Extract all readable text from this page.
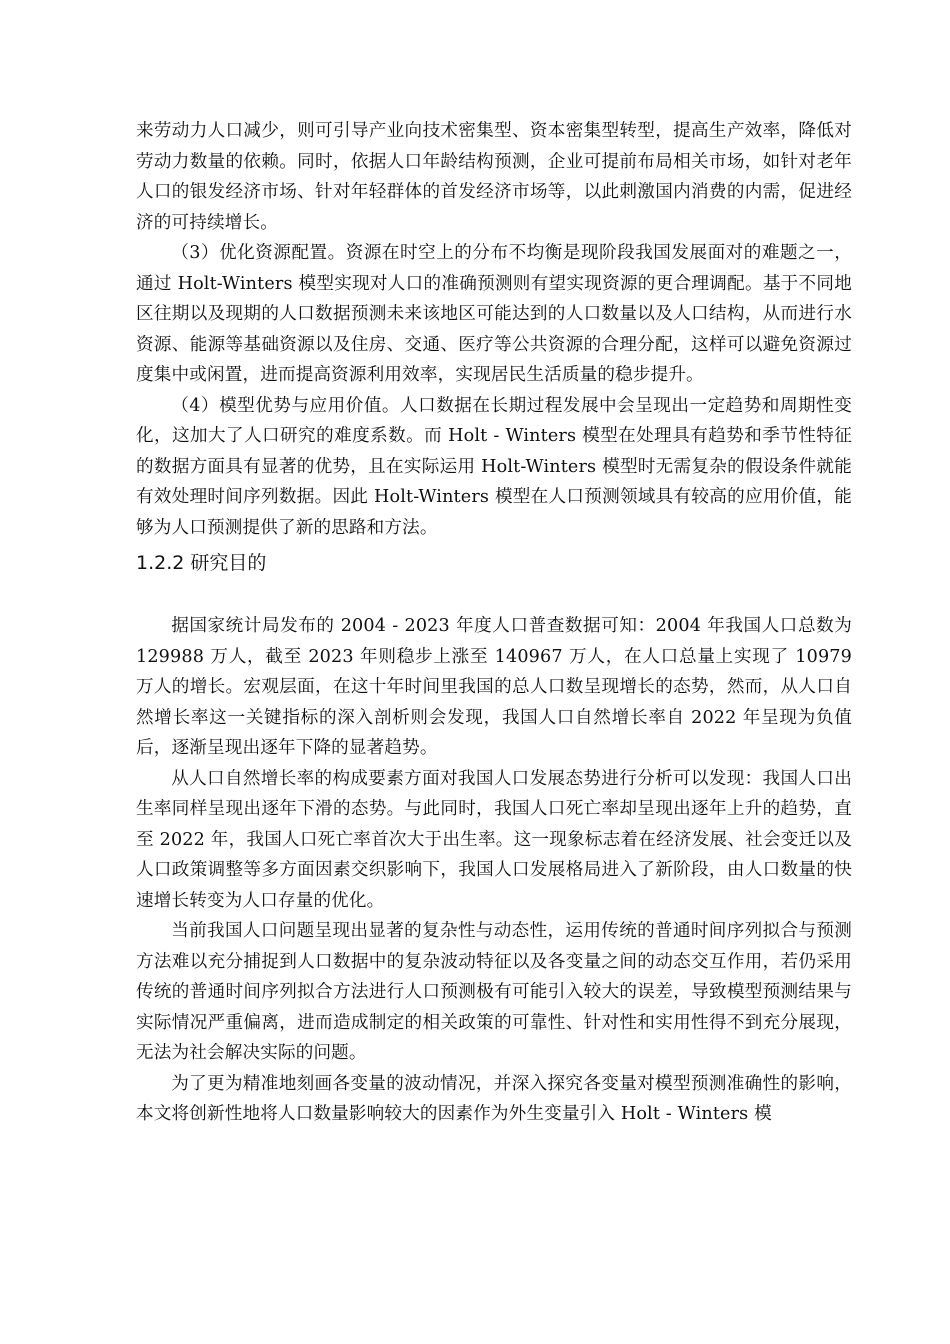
来劳动力人口减少，则可引导产业向技术密集型、资本密集型转型，提高生产效率，降低对劳动力数量的依赖。同时，依据人口年龄结构预测，企业可提前布局相关市场，如针对老年人口的银发经济市场、针对年轻群体的首发经济市场等，以此刺激国内消费的内需，促进经济的可持续增长。

（3）优化资源配置。资源在时空上的分布不均衡是现阶段我国发展面对的难题之一，通过 Holt-Winters 模型实现对人口的准确预测则有望实现资源的更合理调配。基于不同地区往期以及现期的人口数据预测未来该地区可能达到的人口数量以及人口结构，从而进行水资源、能源等基础资源以及住房、交通、医疗等公共资源的合理分配，这样可以避免资源过度集中或闲置，进而提高资源利用效率，实现居民生活质量的稳步提升。

（4）模型优势与应用价值。人口数据在长期过程发展中会呈现出一定趋势和周期性变化，这加大了人口研究的难度系数。而 Holt - Winters 模型在处理具有趋势和季节性特征的数据方面具有显著的优势，且在实际运用 Holt-Winters 模型时无需复杂的假设条件就能有效处理时间序列数据。因此 Holt-Winters 模型在人口预测领域具有较高的应用价值，能够为人口预测提供了新的思路和方法。

1.2.2 研究目的

据国家统计局发布的 2004 - 2023 年度人口普查数据可知：2004 年我国人口总数为 129988 万人，截至 2023 年则稳步上涨至 140967 万人，在人口总量上实现了 10979 万人的增长。宏观层面，在这十年时间里我国的总人口数呈现增长的态势，然而，从人口自然增长率这一关键指标的深入剖析则会发现，我国人口自然增长率自 2022 年呈现为负值后，逐渐呈现出逐年下降的显著趋势。

从人口自然增长率的构成要素方面对我国人口发展态势进行分析可以发现：我国人口出生率同样呈现出逐年下滑的态势。与此同时，我国人口死亡率却呈现出逐年上升的趋势，直至 2022 年，我国人口死亡率首次大于出生率。这一现象标志着在经济发展、社会变迁以及人口政策调整等多方面因素交织影响下，我国人口发展格局进入了新阶段，由人口数量的快速增长转变为人口存量的优化。

当前我国人口问题呈现出显著的复杂性与动态性，运用传统的普通时间序列拟合与预测方法难以充分捕捉到人口数据中的复杂波动特征以及各变量之间的动态交互作用，若仍采用传统的普通时间序列拟合方法进行人口预测极有可能引入较大的误差，导致模型预测结果与实际情况严重偏离，进而造成制定的相关政策的可靠性、针对性和实用性得不到充分展现，无法为社会解决实际的问题。

为了更为精准地刻画各变量的波动情况，并深入探究各变量对模型预测准确性的影响，本文将创新性地将人口数量影响较大的因素作为外生变量引入 Holt - Winters 模
